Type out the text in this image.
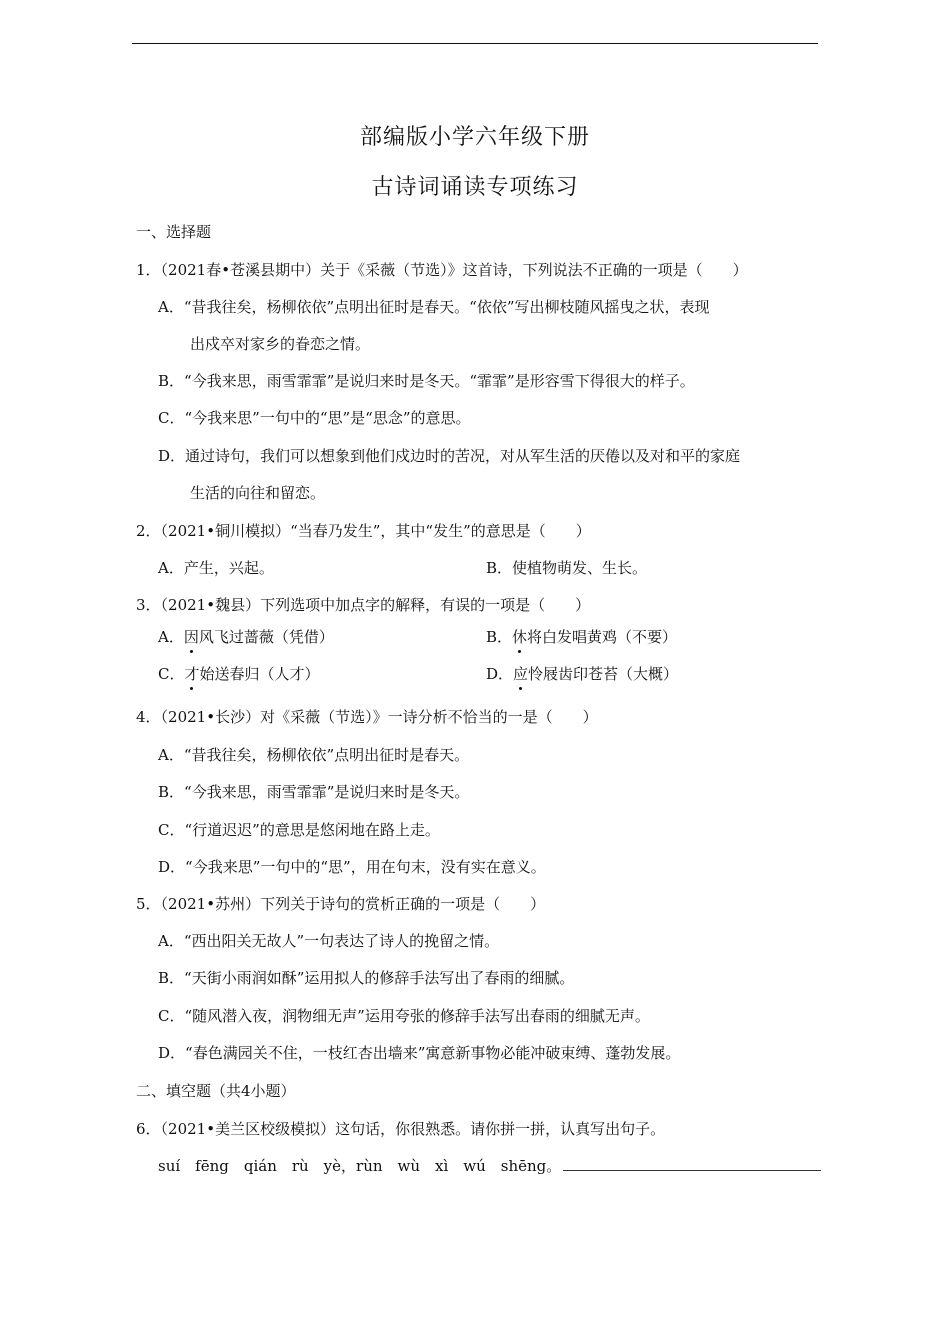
部编版小学六年级下册
古诗词诵读专项练习
一、选择题
1．（2021春•苍溪县期中）关于《采薇（节选）》这首诗，下列说法不正确的一项是（　　）
A．“昔我往矣，杨柳依依”点明出征时是春天。“依依”写出柳枝随风摇曳之状，表现
出戍卒对家乡的眷恋之情。
B．“今我来思，雨雪霏霏”是说归来时是冬天。“霏霏”是形容雪下得很大的样子。
C．“今我来思”一句中的“思”是“思念”的意思。
D．通过诗句，我们可以想象到他们戍边时的苦况，对从军生活的厌倦以及对和平的家庭
生活的向往和留恋。
2．（2021•铜川模拟）“当春乃发生”，其中“发生”的意思是（　　）
A．产生，兴起。	B．使植物萌发、生长。
3．（2021•魏县）下列选项中加点字的解释，有误的一项是（　　）
A．因风飞过蔷薇（凭借）	B．休将白发唱黄鸡（不要）
C．才始送春归（人才）	D．应怜屐齿印苍苔（大概）
4．（2021•长沙）对《采薇（节选）》一诗分析不恰当的一是（　　）
A．“昔我往矣，杨柳依依”点明出征时是春天。
B．“今我来思，雨雪霏霏”是说归来时是冬天。
C．“行道迟迟”的意思是悠闲地在路上走。
D．“今我来思”一句中的“思”，用在句末，没有实在意义。
5．（2021•苏州）下列关于诗句的赏析正确的一项是（　　）
A．“西出阳关无故人”一句表达了诗人的挽留之情。
B．“天街小雨润如酥”运用拟人的修辞手法写出了春雨的细腻。
C．“随风潜入夜，润物细无声”运用夸张的修辞手法写出春雨的细腻无声。
D．“春色满园关不住，一枝红杏出墙来”寓意新事物必能冲破束缚、蓬勃发展。
二、填空题（共4小题）
6．（2021•美兰区校级模拟）这句话，你很熟悉。请你拼一拼，认真写出句子。
suí　fēng　qián　rù　yè，rùn　wù　xì　wú　shēng。
